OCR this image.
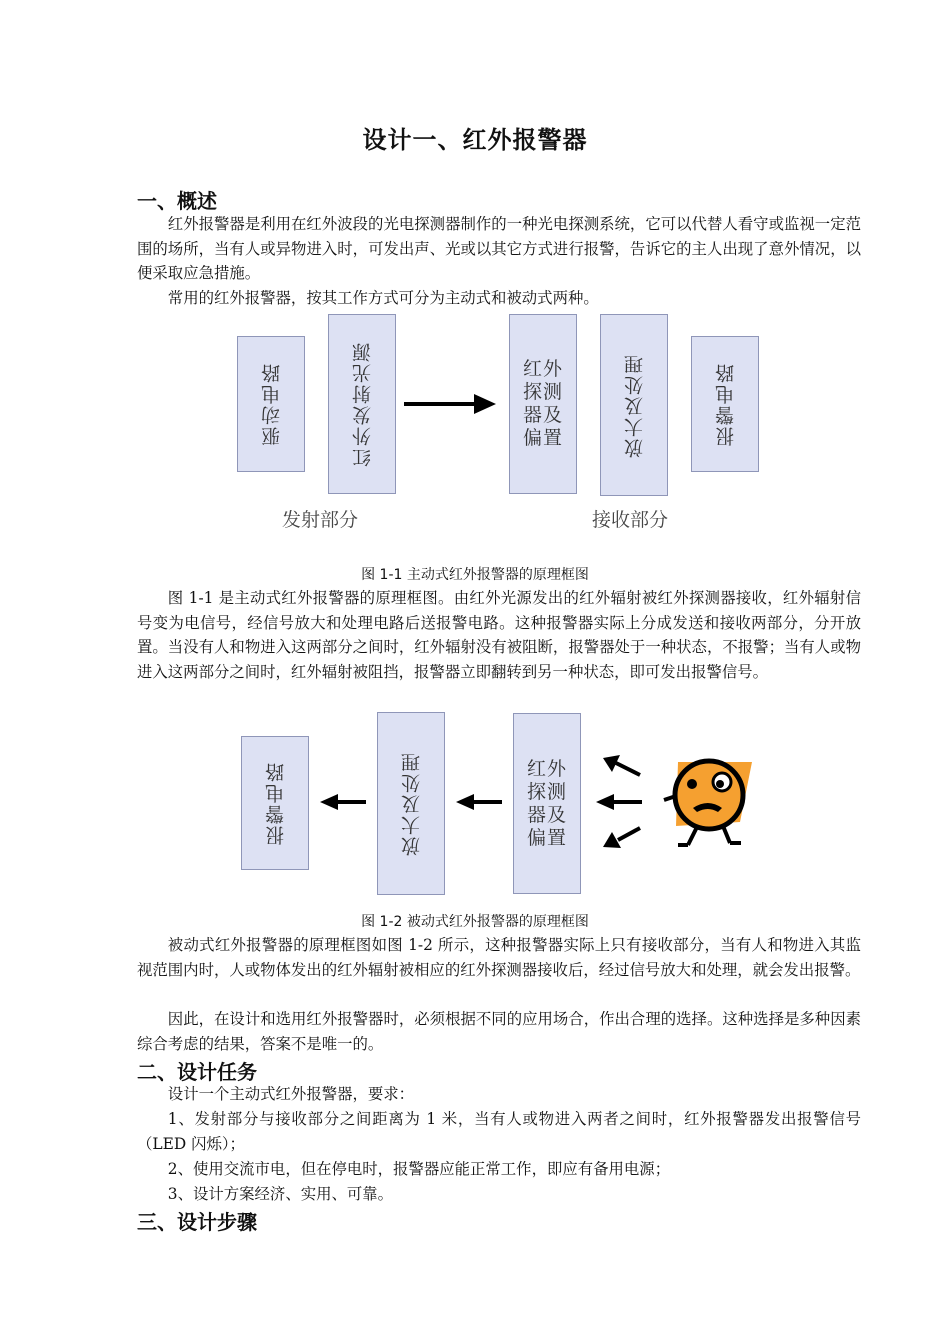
设计一、红外报警器
一、概述

红外报警器是利用在红外波段的光电探测器制作的一种光电探测系统，它可以代替人看守或监视一定范围的场所，当有人或异物进入时，可发出声、光或以其它方式进行报警，告诉它的主人出现了意外情况，以便采取应急措施。

常用的红外报警器，按其工作方式可分为主动式和被动式两种。

驱动电路	红外发射光源	红外探测器及偏置	放大及处理	报警电路
发射部分	接收部分
图 1-1 主动式红外报警器的原理框图

图 1-1 是主动式红外报警器的原理框图。由红外光源发出的红外辐射被红外探测器接收，红外辐射信号变为电信号，经信号放大和处理电路后送报警电路。这种报警器实际上分成发送和接收两部分，分开放置。当没有人和物进入这两部分之间时，红外辐射没有被阻断，报警器处于一种状态，不报警；当有人或物进入这两部分之间时，红外辐射被阻挡，报警器立即翻转到另一种状态，即可发出报警信号。

报警电路	放大及处理	红外探测器及偏置
图 1-2 被动式红外报警器的原理框图

被动式红外报警器的原理框图如图 1-2 所示，这种报警器实际上只有接收部分，当有人和物进入其监视范围内时，人或物体发出的红外辐射被相应的红外探测器接收后，经过信号放大和处理，就会发出报警。

因此，在设计和选用红外报警器时，必须根据不同的应用场合，作出合理的选择。这种选择是多种因素综合考虑的结果，答案不是唯一的。

二、设计任务

设计一个主动式红外报警器，要求：

1、发射部分与接收部分之间距离为 1 米，当有人或物进入两者之间时，红外报警器发出报警信号（LED 闪烁）；

2、使用交流市电，但在停电时，报警器应能正常工作，即应有备用电源；

3、设计方案经济、实用、可靠。

三、设计步骤
